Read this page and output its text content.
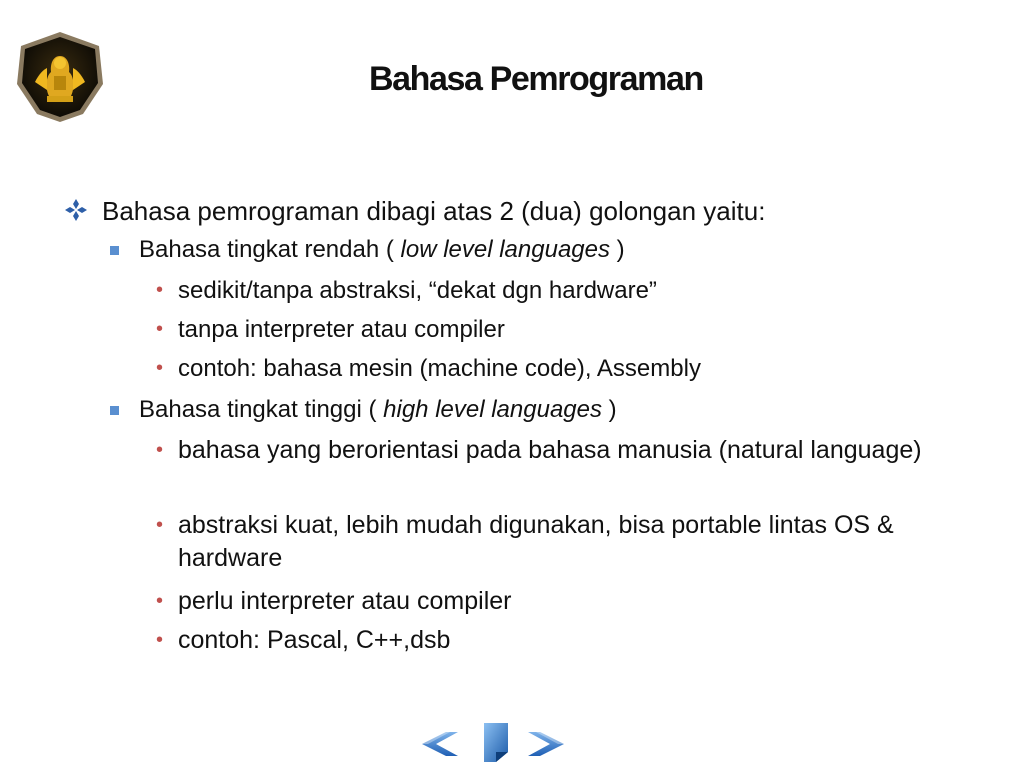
Bahasa Pemrograman
Bahasa pemrograman dibagi atas 2 (dua) golongan yaitu:
Bahasa tingkat rendah ( low level languages )
• sedikit/tanpa abstraksi, “dekat dgn hardware”
• tanpa interpreter atau compiler
• contoh: bahasa mesin (machine code), Assembly
Bahasa tingkat tinggi ( high level languages )
• bahasa yang berorientasi pada bahasa manusia (natural language)
• abstraksi kuat, lebih mudah digunakan, bisa portable lintas OS & hardware
• perlu interpreter atau compiler
• contoh: Pascal, C++,dsb
